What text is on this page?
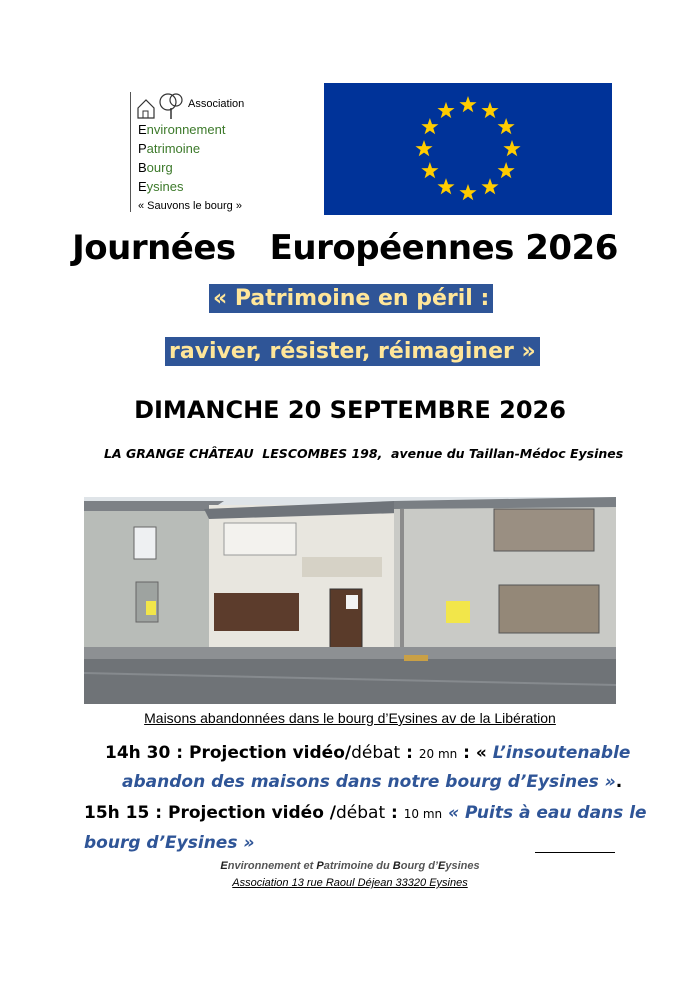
Association
Environnement
Patrimoine
Bourg
Eysines
« Sauvons le bourg »
Journées   Européennes 2026
« Patrimoine en péril :
raviver, résister, réimaginer »
DIMANCHE 20 SEPTEMBRE 2026
LA GRANGE CHÂTEAU  LESCOMBES 198,  avenue du Taillan-Médoc Eysines
Maisons abandonnées dans le bourg d’Eysines av de la Libération
14h 30 : Projection vidéo/débat : 20 mn : « L’insoutenable
abandon des maisons dans notre bourg d’Eysines ».
15h 15 : Projection vidéo /débat : 10 mn « Puits à eau dans le
bourg d’Eysines »
Environnement et Patrimoine du Bourg d’Eysines
Association 13 rue Raoul Déjean 33320 Eysines
